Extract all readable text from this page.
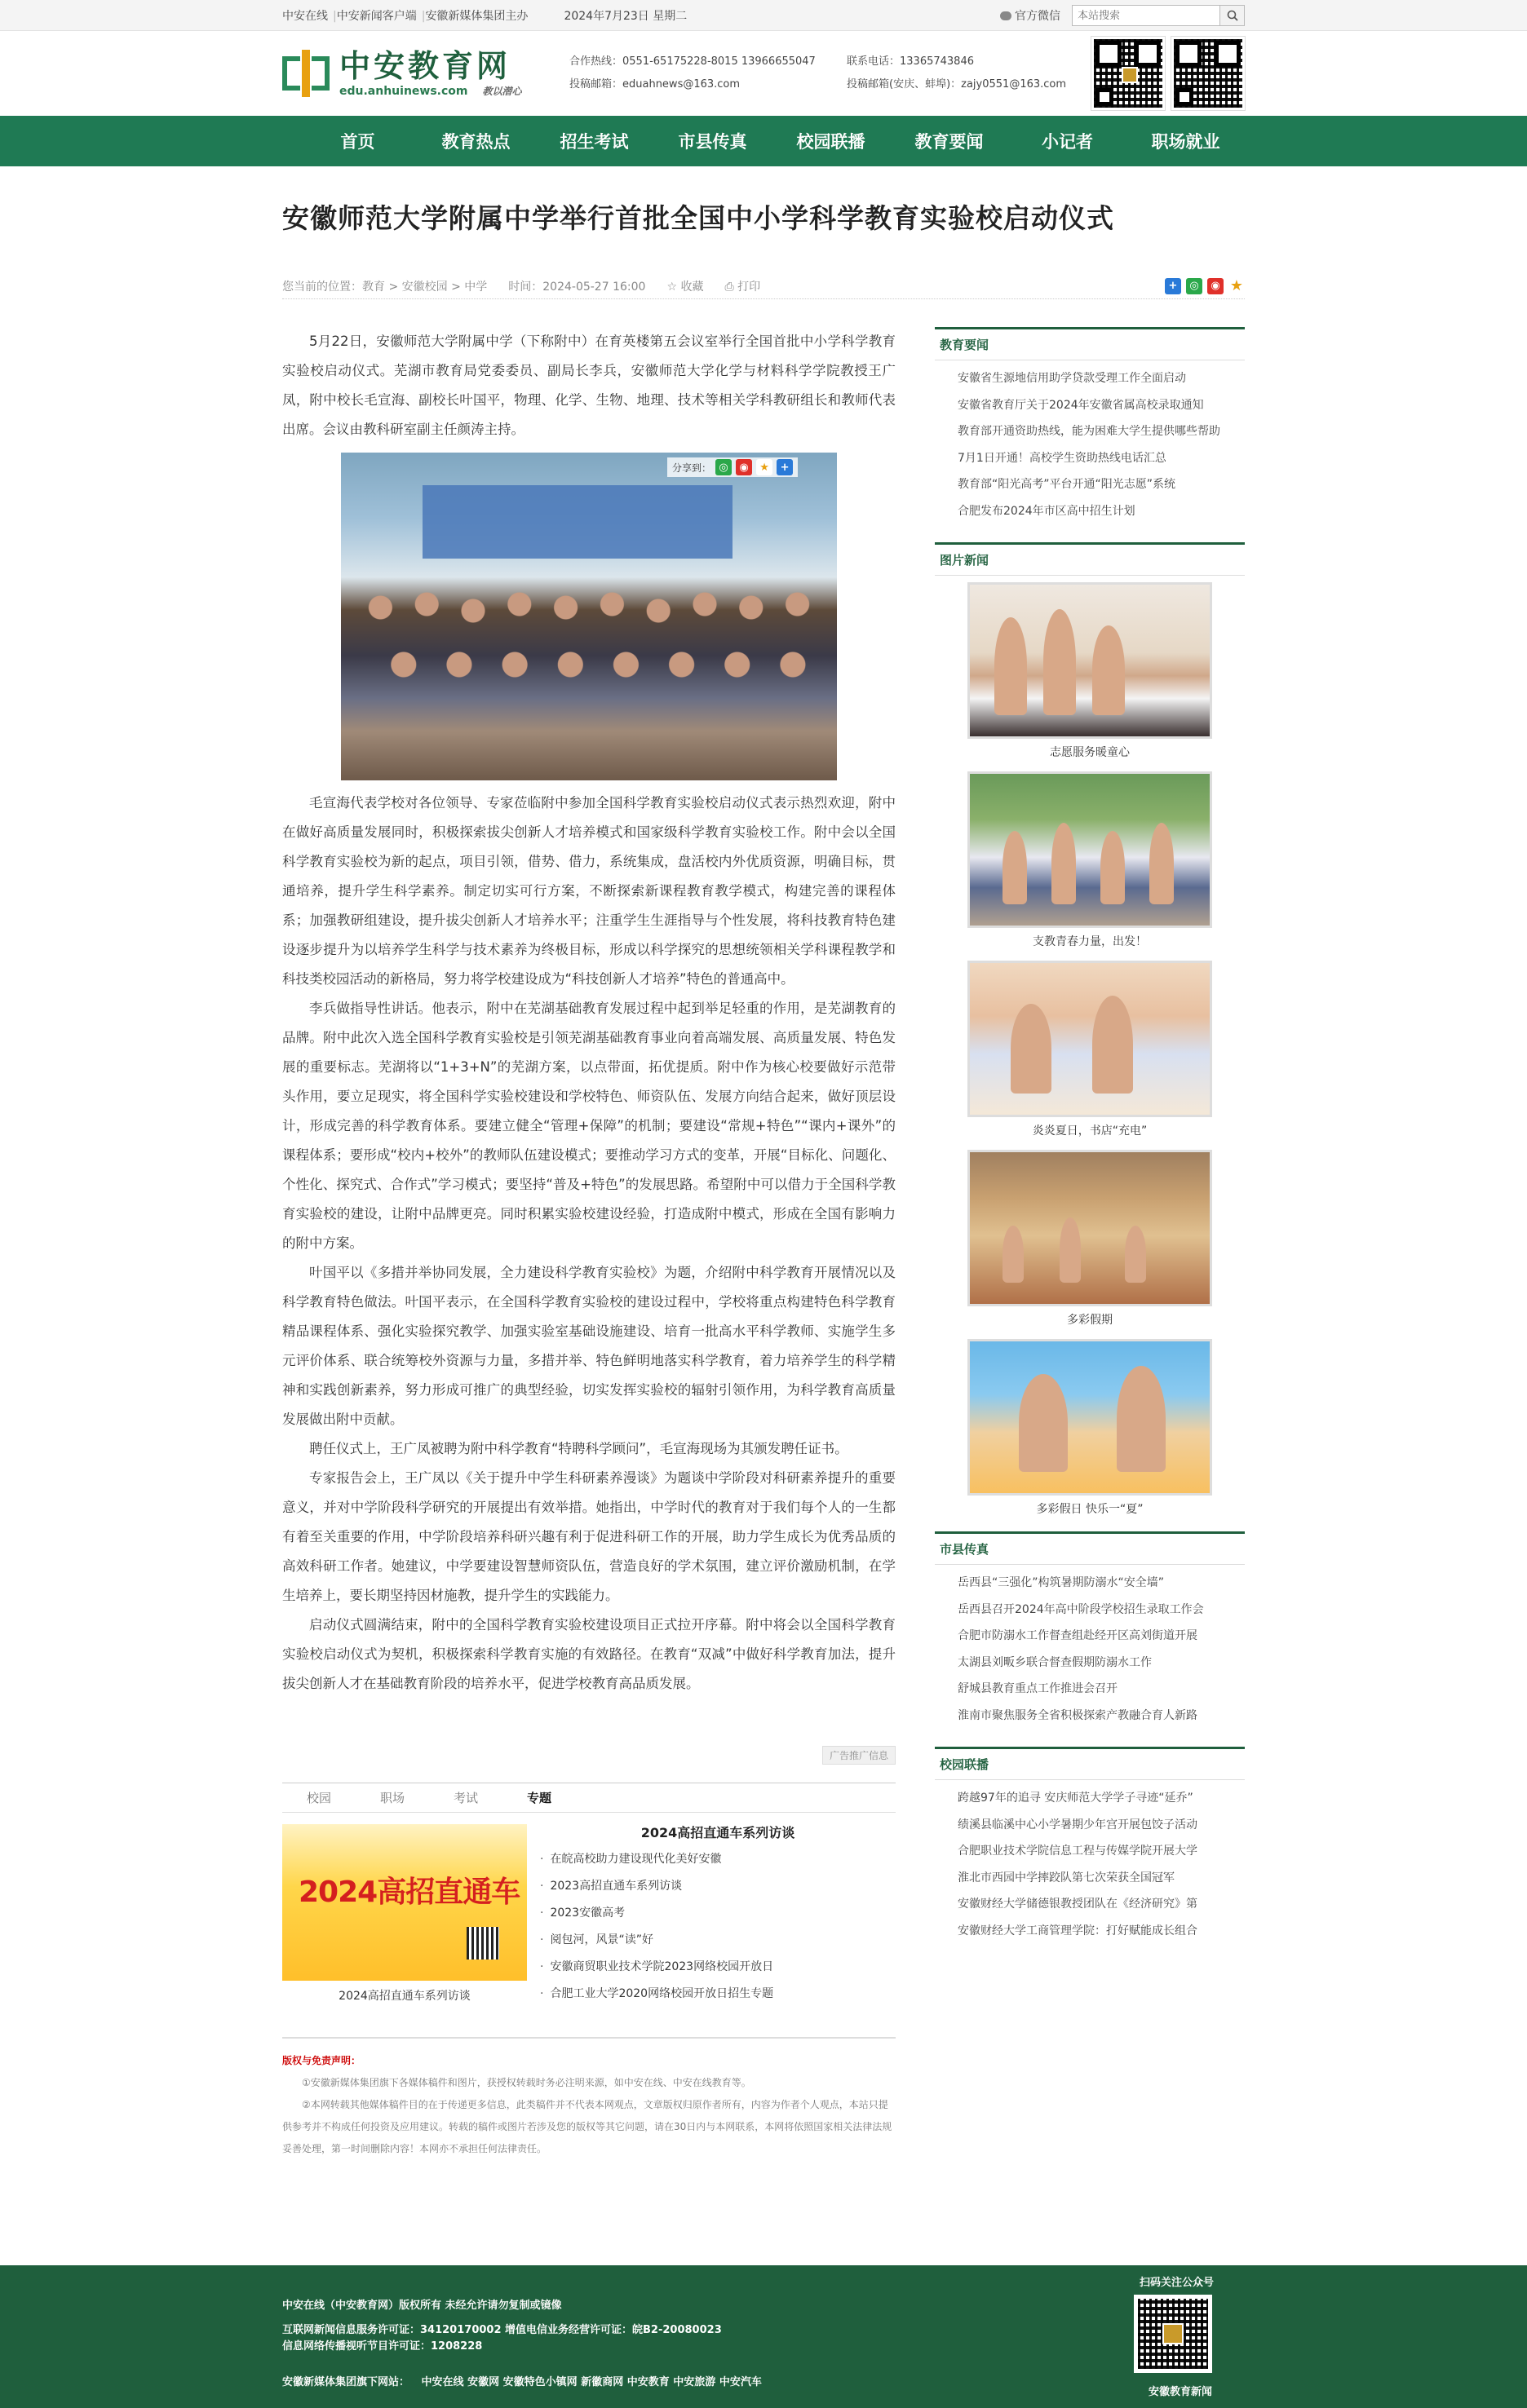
中安在线 |中安新闻客户端 |安徽新媒体集团主办	2024年7月23日 星期二	官方微信
本站搜索
中安教育网
edu.anhuinews.com 教以潜心
合作热线：0551-65175228-8015 13966655047	联系电话：13365743846
投稿邮箱：eduahnews@163.com	投稿邮箱(安庆、蚌埠)：zajy0551@163.com
首页	教育热点	招生考试	市县传真	校园联播	教育要闻	小记者	职场就业
安徽师范大学附属中学举行首批全国中小学科学教育实验校启动仪式
您当前的位置： 教育 > 安徽校园 > 中学 时间：2024-05-27 16:00 ☆ 收藏 ⎙ 打印	+	◎	◉ ★

5月22日，安徽师范大学附属中学（下称附中）在育英楼第五会议室举行全国首批中小学科学教育实验校启动仪式。芜湖市教育局党委委员、副局长李兵，安徽师范大学化学与材料科学学院教授王广凤，附中校长毛宣海、副校长叶国平，物理、化学、生物、地理、技术等相关学科教研组长和教师代表出席。会议由教科研室副主任颜涛主持。

分享到： ◎	◉	★	+

毛宣海代表学校对各位领导、专家莅临附中参加全国科学教育实验校启动仪式表示热烈欢迎，附中在做好高质量发展同时，积极探索拔尖创新人才培养模式和国家级科学教育实验校工作。附中会以全国科学教育实验校为新的起点，项目引领，借势、借力，系统集成，盘活校内外优质资源，明确目标，贯通培养，提升学生科学素养。制定切实可行方案，不断探索新课程教育教学模式，构建完善的课程体系；加强教研组建设，提升拔尖创新人才培养水平；注重学生生涯指导与个性发展，将科技教育特色建设逐步提升为以培养学生科学与技术素养为终极目标，形成以科学探究的思想统领相关学科课程教学和科技类校园活动的新格局，努力将学校建设成为“科技创新人才培养”特色的普通高中。

李兵做指导性讲话。他表示，附中在芜湖基础教育发展过程中起到举足轻重的作用，是芜湖教育的品牌。附中此次入选全国科学教育实验校是引领芜湖基础教育事业向着高端发展、高质量发展、特色发展的重要标志。芜湖将以“1+3+N”的芜湖方案，以点带面，拓优提质。附中作为核心校要做好示范带头作用，要立足现实，将全国科学实验校建设和学校特色、师资队伍、发展方向结合起来，做好顶层设计，形成完善的科学教育体系。要建立健全“管理+保障”的机制；要建设“常规+特色”“课内+课外”的课程体系；要形成“校内+校外”的教师队伍建设模式；要推动学习方式的变革，开展“目标化、问题化、个性化、探究式、合作式”学习模式；要坚持“普及+特色”的发展思路。希望附中可以借力于全国科学教育实验校的建设，让附中品牌更亮。同时积累实验校建设经验，打造成附中模式，形成在全国有影响力的附中方案。

叶国平以《多措并举协同发展，全力建设科学教育实验校》为题，介绍附中科学教育开展情况以及科学教育特色做法。叶国平表示，在全国科学教育实验校的建设过程中，学校将重点构建特色科学教育精品课程体系、强化实验探究教学、加强实验室基础设施建设、培育一批高水平科学教师、实施学生多元评价体系、联合统筹校外资源与力量，多措并举、特色鲜明地落实科学教育，着力培养学生的科学精神和实践创新素养，努力形成可推广的典型经验，切实发挥实验校的辐射引领作用，为科学教育高质量发展做出附中贡献。

聘任仪式上，王广凤被聘为附中科学教育“特聘科学顾问”，毛宣海现场为其颁发聘任证书。

专家报告会上，王广凤以《关于提升中学生科研素养漫谈》为题谈中学阶段对科研素养提升的重要意义，并对中学阶段科学研究的开展提出有效举措。她指出，中学时代的教育对于我们每个人的一生都有着至关重要的作用，中学阶段培养科研兴趣有利于促进科研工作的开展，助力学生成长为优秀品质的高效科研工作者。她建议，中学要建设智慧师资队伍，营造良好的学术氛围，建立评价激励机制，在学生培养上，要长期坚持因材施教，提升学生的实践能力。

启动仪式圆满结束，附中的全国科学教育实验校建设项目正式拉开序幕。附中将会以全国科学教育实验校启动仪式为契机，积极探索科学教育实施的有效路径。在教育“双减”中做好科学教育加法，提升拔尖创新人才在基础教育阶段的培养水平，促进学校教育高品质发展。

广告推广信息
校园	职场	考试	专题
2024高招直通车
2024高招直通车系列访谈
2024高招直通车系列访谈
· 在皖高校助力建设现代化美好安徽
· 2023高招直通车系列访谈
· 2023安徽高考
· 阅包河，风景“读”好
· 安徽商贸职业技术学院2023网络校园开放日
· 合肥工业大学2020网络校园开放日招生专题
版权与免责声明：

①安徽新媒体集团旗下各媒体稿件和图片，获授权转载时务必注明来源，如中安在线、中安在线教育等。

②本网转载其他媒体稿件目的在于传递更多信息，此类稿件并不代表本网观点，文章版权归原作者所有，内容为作者个人观点，本站只提供参考并不构成任何投资及应用建议。转载的稿件或图片若涉及您的版权等其它问题，请在30日内与本网联系，本网将依照国家相关法律法规妥善处理，第一时间删除内容！本网亦不承担任何法律责任。

教育要闻
安徽省生源地信用助学贷款受理工作全面启动
安徽省教育厅关于2024年安徽省属高校录取通知
教育部开通资助热线，能为困难大学生提供哪些帮助
7月1日开通！高校学生资助热线电话汇总
教育部“阳光高考”平台开通“阳光志愿”系统
合肥发布2024年市区高中招生计划
图片新闻
志愿服务暖童心
支教青春力量，出发！
炎炎夏日，书店“充电”
多彩假期
多彩假日 快乐一“夏”
市县传真
岳西县“三强化”构筑暑期防溺水“安全墙”
岳西县召开2024年高中阶段学校招生录取工作会
合肥市防溺水工作督查组赴经开区高刘街道开展
太湖县刘畈乡联合督查假期防溺水工作
舒城县教育重点工作推进会召开
淮南市聚焦服务全省积极探索产教融合育人新路
校园联播
跨越97年的追寻 安庆师范大学学子寻迹“延乔”
绩溪县临溪中心小学暑期少年宫开展包饺子活动
合肥职业技术学院信息工程与传媒学院开展大学
淮北市西园中学摔跤队第七次荣获全国冠军
安徽财经大学储德银教授团队在《经济研究》第
安徽财经大学工商管理学院：打好赋能成长组合
中安在线（中安教育网）版权所有 未经允许请勿复制或镜像
互联网新闻信息服务许可证：34120170002 增值电信业务经营许可证：皖B2-20080023
信息网络传播视听节目许可证：1208228
安徽新媒体集团旗下网站： 中安在线 安徽网 安徽特色小镇网 新徽商网 中安教育 中安旅游 中安汽车
扫码关注公众号
安徽教育新闻
